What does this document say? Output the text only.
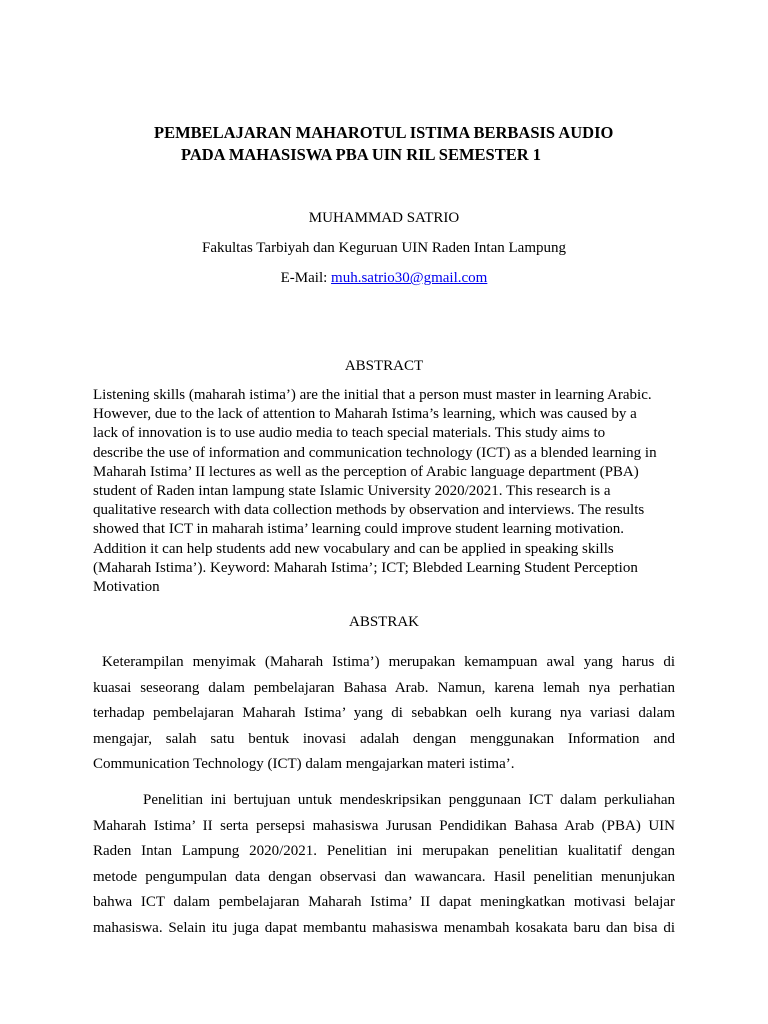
PEMBELAJARAN MAHAROTUL ISTIMA BERBASIS AUDIO
PADA MAHASISWA PBA UIN RIL SEMESTER 1
MUHAMMAD SATRIO
Fakultas Tarbiyah dan Keguruan UIN Raden Intan Lampung
E-Mail: muh.satrio30@gmail.com
ABSTRACT
Listening skills (maharah istima’) are the initial that a person must master in learning Arabic.
However, due to the lack of attention to Maharah Istima’s learning, which was caused by a
lack of innovation is to use audio media to teach special materials. This study aims to
describe the use of information and communication technology (ICT) as a blended learning in
Maharah Istima’ II lectures as well as the perception of Arabic language department (PBA)
student of Raden intan lampung state Islamic University 2020/2021. This research is a
qualitative research with data collection methods by observation and interviews. The results
showed that ICT in maharah istima’ learning could improve student learning motivation.
Addition it can help students add new vocabulary and can be applied in speaking skills
(Maharah Istima’). Keyword: Maharah Istima’; ICT; Blebded Learning Student Perception
Motivation
ABSTRAK
Keterampilan menyimak (Maharah Istima’) merupakan kemampuan awal yang harus di
kuasai seseorang dalam pembelajaran Bahasa Arab. Namun, karena lemah nya perhatian
terhadap pembelajaran Maharah Istima’ yang di sebabkan oelh kurang nya variasi dalam
mengajar, salah satu bentuk inovasi adalah dengan menggunakan Information and
Communication Technology (ICT) dalam mengajarkan materi istima’.
Penelitian ini bertujuan untuk mendeskripsikan penggunaan ICT dalam perkuliahan
Maharah Istima’ II serta persepsi mahasiswa Jurusan Pendidikan Bahasa Arab (PBA) UIN
Raden Intan Lampung 2020/2021. Penelitian ini merupakan penelitian kualitatif dengan
metode pengumpulan data dengan observasi dan wawancara. Hasil penelitian menunjukan
bahwa ICT dalam pembelajaran Maharah Istima’ II dapat meningkatkan motivasi belajar
mahasiswa. Selain itu juga dapat membantu mahasiswa menambah kosakata baru dan bisa di
